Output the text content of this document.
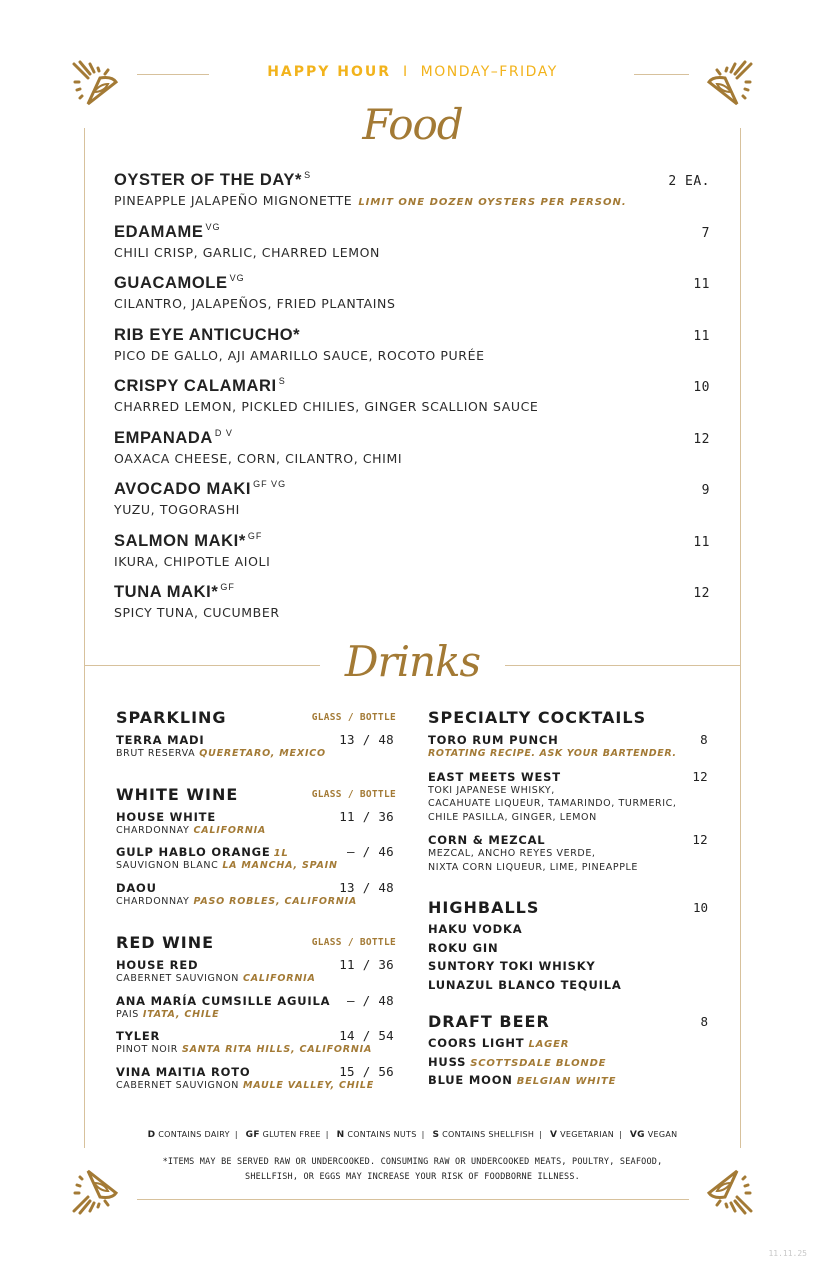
HAPPY HOUR I MONDAY–FRIDAY
Food
OYSTER OF THE DAY* $^S$
PINEAPPLE JALAPEÑO MIGNONETTE LIMIT ONE DOZEN OYSTERS PER PERSON.
2 EA.
EDAMAME $^{VG}$
CHILI CRISP, GARLIC, CHARRED LEMON
7
GUACAMOLE $^{VG}$
CILANTRO, JALAPEÑOS, FRIED PLANTAINS
11
RIB EYE ANTICUCHO*
PICO DE GALLO, AJI AMARILLO SAUCE, ROCOTO PURÉE
11
CRISPY CALAMARI $^S$
CHARRED LEMON, PICKLED CHILIES, GINGER SCALLION SAUCE
10
EMPANADA $^{D V}$
OAXACA CHEESE, CORN, CILANTRO, CHIMI
12
AVOCADO MAKI $^{GF VG}$
YUZU, TOGORASHI
9
SALMON MAKI* $^{GF}$
IKURA, CHIPOTLE AIOLI
11
TUNA MAKI* $^{GF}$
SPICY TUNA, CUCUMBER
12
Drinks
SPARKLING	GLASS / BOTTLE
TERRA MADI	13 / 48
BRUT RESERVA QUERETARO, MEXICO
WHITE WINE	GLASS / BOTTLE
HOUSE WHITE	11 / 36
CHARDONNAY CALIFORNIA
GULP HABLO ORANGE 1L	– / 46
SAUVIGNON BLANC LA MANCHA, SPAIN
DAOU	13 / 48
CHARDONNAY PASO ROBLES, CALIFORNIA
RED WINE	GLASS / BOTTLE
HOUSE RED	11 / 36
CABERNET SAUVIGNON CALIFORNIA
ANA MARÍA CUMSILLE AGUILA	– / 48
PAIS ITATA, CHILE
TYLER	14 / 54
PINOT NOIR SANTA RITA HILLS, CALIFORNIA
VINA MAITIA ROTO	15 / 56
CABERNET SAUVIGNON MAULE VALLEY, CHILE
SPECIALTY COCKTAILS
TORO RUM PUNCH	8
ROTATING RECIPE. ASK YOUR BARTENDER.
EAST MEETS WEST	12
TOKI JAPANESE WHISKY,
CACAHUATE LIQUEUR, TAMARINDO, TURMERIC,
CHILE PASILLA, GINGER, LEMON
CORN & MEZCAL	12
MEZCAL, ANCHO REYES VERDE,
NIXTA CORN LIQUEUR, LIME, PINEAPPLE
HIGHBALLS	10
HAKU VODKA
ROKU GIN
SUNTORY TOKI WHISKY
LUNAZUL BLANCO TEQUILA
DRAFT BEER	8
COORS LIGHT LAGER
HUSS SCOTTSDALE BLONDE
BLUE MOON BELGIAN WHITE
D CONTAINS DAIRY | GF GLUTEN FREE | N CONTAINS NUTS | S CONTAINS SHELLFISH | V VEGETARIAN | VG VEGAN
*ITEMS MAY BE SERVED RAW OR UNDERCOOKED. CONSUMING RAW OR UNDERCOOKED MEATS, POULTRY, SEAFOOD,
SHELLFISH, OR EGGS MAY INCREASE YOUR RISK OF FOODBORNE ILLNESS.
11.11.25
